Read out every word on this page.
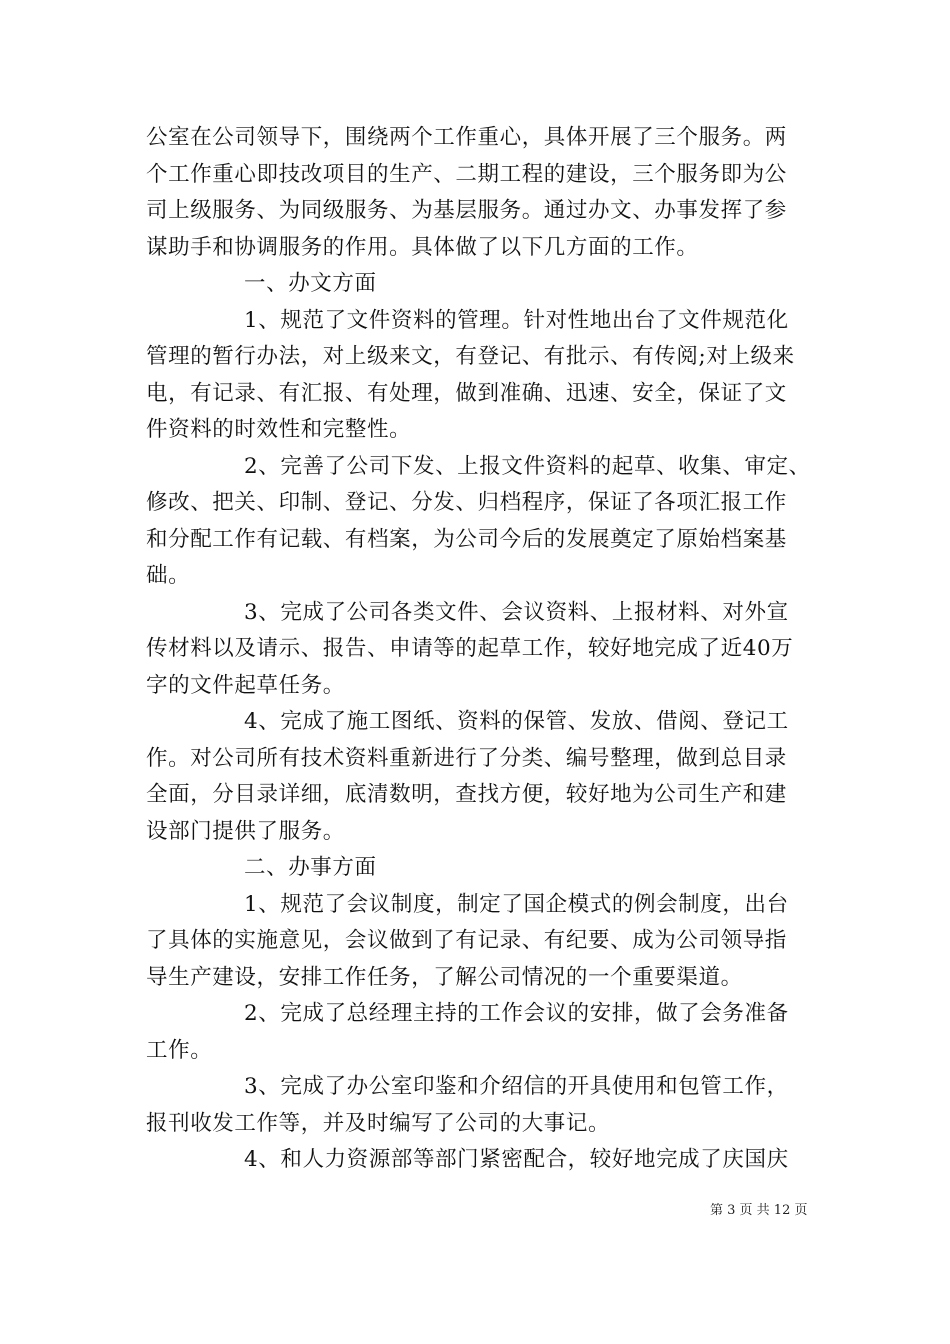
公室在公司领导下，围绕两个工作重心，具体开展了三个服务。两
个工作重心即技改项目的生产、二期工程的建设，三个服务即为公
司上级服务、为同级服务、为基层服务。通过办文、办事发挥了参
谋助手和协调服务的作用。具体做了以下几方面的工作。
一、办文方面
1、规范了文件资料的管理。针对性地出台了文件规范化
管理的暂行办法，对上级来文，有登记、有批示、有传阅;对上级来
电，有记录、有汇报、有处理，做到准确、迅速、安全，保证了文
件资料的时效性和完整性。
2、完善了公司下发、上报文件资料的起草、收集、审定、
修改、把关、印制、登记、分发、归档程序，保证了各项汇报工作
和分配工作有记载、有档案，为公司今后的发展奠定了原始档案基
础。
3、完成了公司各类文件、会议资料、上报材料、对外宣
传材料以及请示、报告、申请等的起草工作，较好地完成了近40万
字的文件起草任务。
4、完成了施工图纸、资料的保管、发放、借阅、登记工
作。对公司所有技术资料重新进行了分类、编号整理，做到总目录
全面，分目录详细，底清数明，查找方便，较好地为公司生产和建
设部门提供了服务。
二、办事方面
1、规范了会议制度，制定了国企模式的例会制度，出台
了具体的实施意见，会议做到了有记录、有纪要、成为公司领导指
导生产建设，安排工作任务，了解公司情况的一个重要渠道。
2、完成了总经理主持的工作会议的安排，做了会务准备
工作。
3、完成了办公室印鉴和介绍信的开具使用和包管工作，
报刊收发工作等，并及时编写了公司的大事记。
4、和人力资源部等部门紧密配合，较好地完成了庆国庆
第 3 页 共 12 页
